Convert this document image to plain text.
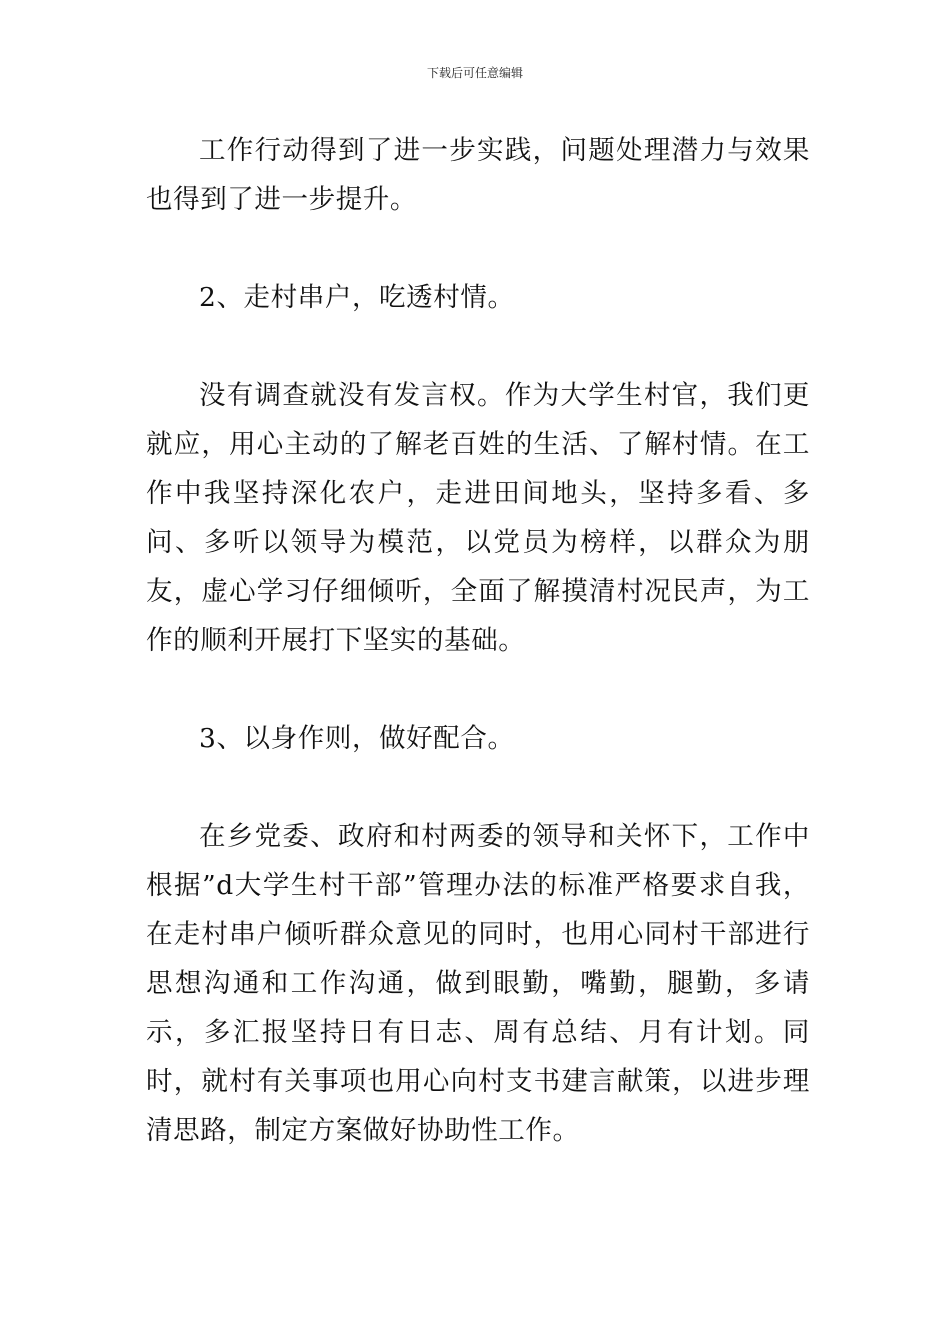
下载后可任意编辑

工作行动得到了进一步实践，问题处理潜力与效果也得到了进一步提升。

2、走村串户，吃透村情。

没有调查就没有发言权。作为大学生村官，我们更就应，用心主动的了解老百姓的生活、了解村情。在工作中我坚持深化农户，走进田间地头，坚持多看、多问、多听以领导为模范，以党员为榜样，以群众为朋友，虚心学习仔细倾听，全面了解摸清村况民声，为工作的顺利开展打下坚实的基础。

3、以身作则，做好配合。

在乡党委、政府和村两委的领导和关怀下，工作中根据”d大学生村干部”管理办法的标准严格要求自我，在走村串户倾听群众意见的同时，也用心同村干部进行思想沟通和工作沟通，做到眼勤，嘴勤，腿勤，多请示，多汇报坚持日有日志、周有总结、月有计划。同时，就村有关事项也用心向村支书建言献策，以进步理清思路，制定方案做好协助性工作。
